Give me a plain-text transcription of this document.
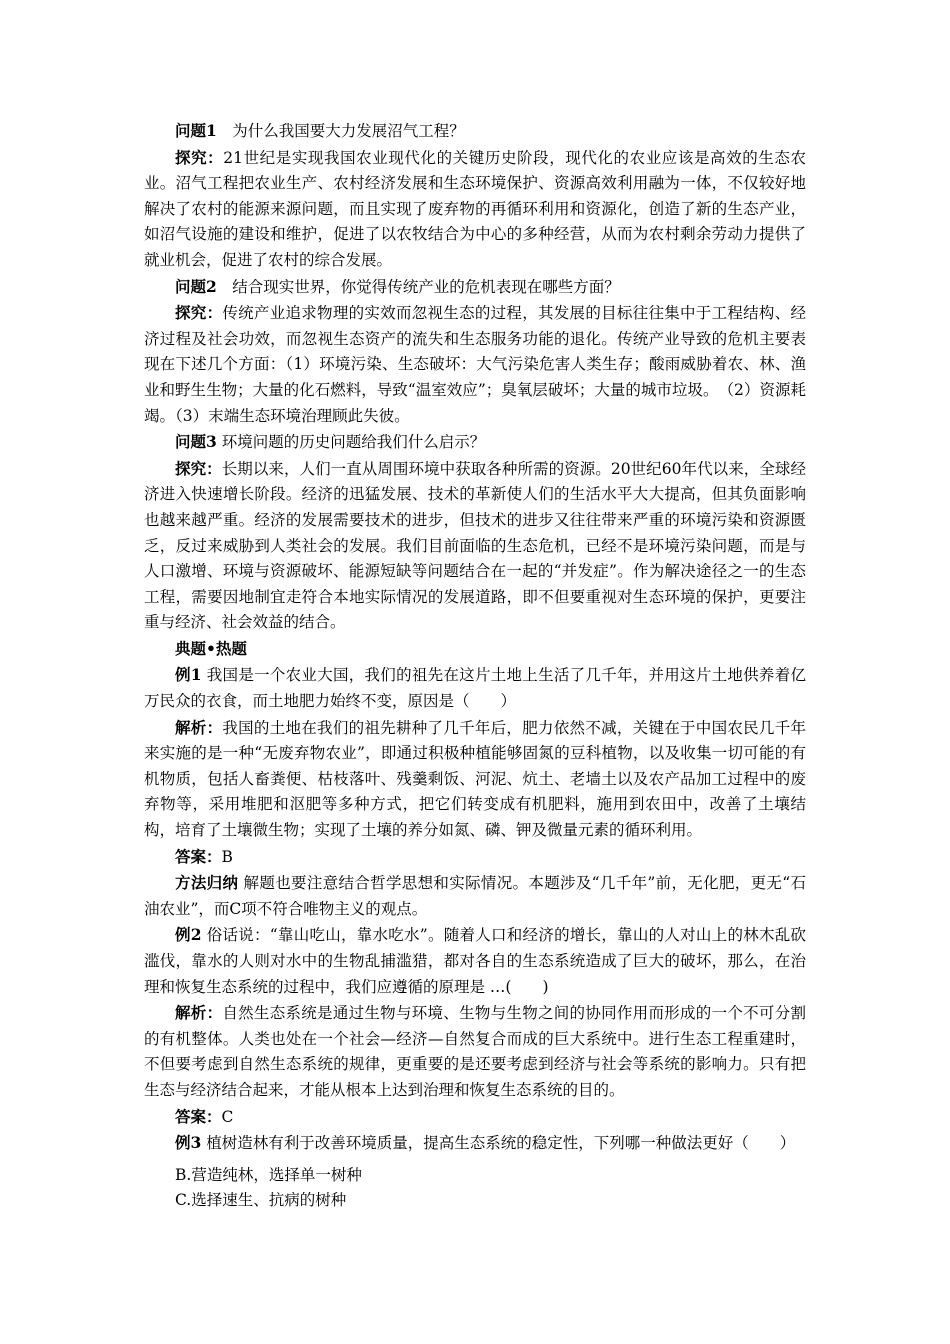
问题1　为什么我国要大力发展沼气工程？

探究：21世纪是实现我国农业现代化的关键历史阶段，现代化的农业应该是高效的生态农业。沼气工程把农业生产、农村经济发展和生态环境保护、资源高效利用融为一体，不仅较好地解决了农村的能源来源问题，而且实现了废弃物的再循环利用和资源化，创造了新的生态产业，如沼气设施的建设和维护，促进了以农牧结合为中心的多种经营，从而为农村剩余劳动力提供了就业机会，促进了农村的综合发展。

问题2　结合现实世界，你觉得传统产业的危机表现在哪些方面？

探究：传统产业追求物理的实效而忽视生态的过程，其发展的目标往往集中于工程结构、经济过程及社会功效，而忽视生态资产的流失和生态服务功能的退化。传统产业导致的危机主要表现在下述几个方面：（1）环境污染、生态破坏：大气污染危害人类生存；酸雨威胁着农、林、渔业和野生生物；大量的化石燃料，导致“温室效应”；臭氧层破坏；大量的城市垃圾。　（2）资源耗竭。（3）末端生态环境治理顾此失彼。

问题3 环境问题的历史问题给我们什么启示？

探究：长期以来，人们一直从周围环境中获取各种所需的资源。20世纪60年代以来，全球经济进入快速增长阶段。经济的迅猛发展、技术的革新使人们的生活水平大大提高，但其负面影响也越来越严重。经济的发展需要技术的进步，但技术的进步又往往带来严重的环境污染和资源匮乏，反过来威胁到人类社会的发展。我们目前面临的生态危机，已经不是环境污染问题，而是与人口激增、环境与资源破坏、能源短缺等问题结合在一起的“并发症”。作为解决途径之一的生态工程，需要因地制宜走符合本地实际情况的发展道路，即不但要重视对生态环境的保护，更要注重与经济、社会效益的结合。

典题•热题

例1 我国是一个农业大国，我们的祖先在这片土地上生活了几千年，并用这片土地供养着亿万民众的衣食，而土地肥力始终不变，原因是（　　）

解析：我国的土地在我们的祖先耕种了几千年后，肥力依然不减，关键在于中国农民几千年来实施的是一种“无废弃物农业”，即通过积极种植能够固氮的豆科植物，以及收集一切可能的有机物质，包括人畜粪便、枯枝落叶、残羹剩饭、河泥、炕土、老墙土以及农产品加工过程中的废弃物等，采用堆肥和沤肥等多种方式，把它们转变成有机肥料，施用到农田中，改善了土壤结构，培育了土壤微生物；实现了土壤的养分如氮、磷、钾及微量元素的循环利用。

答案：B

方法归纳 解题也要注意结合哲学思想和实际情况。本题涉及“几千年”前，无化肥，更无“石油农业”，而C项不符合唯物主义的观点。

例2 俗话说：“靠山吃山，靠水吃水”。随着人口和经济的增长，靠山的人对山上的林木乱砍滥伐，靠水的人则对水中的生物乱捕滥猎，都对各自的生态系统造成了巨大的破坏，那么，在治理和恢复生态系统的过程中，我们应遵循的原理是 …(　　)

解析：自然生态系统是通过生物与环境、生物与生物之间的协同作用而形成的一个不可分割的有机整体。人类也处在一个社会—经济—自然复合而成的巨大系统中。进行生态工程重建时，不但要考虑到自然生态系统的规律，更重要的是还要考虑到经济与社会等系统的影响力。只有把生态与经济结合起来，才能从根本上达到治理和恢复生态系统的目的。

答案：C

例3 植树造林有利于改善环境质量，提高生态系统的稳定性，下列哪一种做法更好（　　）

B.营造纯林，选择单一树种

C.选择速生、抗病的树种
